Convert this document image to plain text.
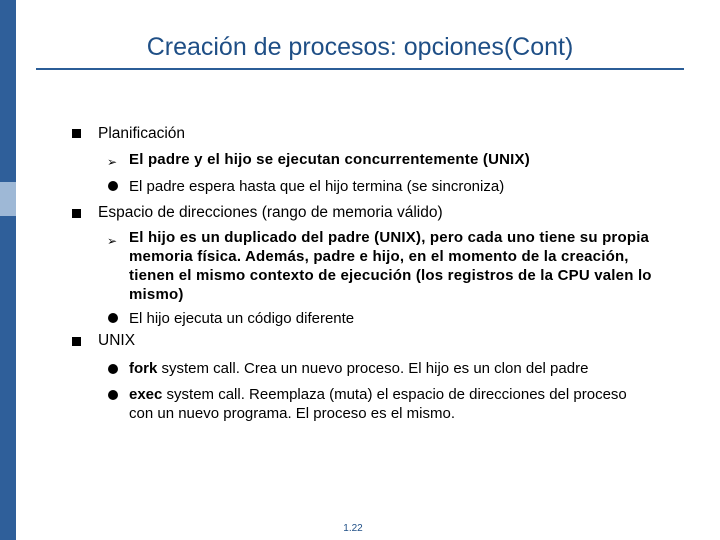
Creación de procesos: opciones(Cont)
Planificación
➢ El padre y el hijo se ejecutan concurrentemente (UNIX)
El padre espera hasta que el hijo termina (se sincroniza)
Espacio de direcciones (rango de memoria válido)
➢ El hijo es un duplicado del padre (UNIX), pero cada uno tiene su propia
memoria física. Además, padre e hijo, en el momento de la creación,
tienen el mismo contexto de ejecución (los registros de la CPU valen lo
mismo)
El hijo ejecuta un código diferente
UNIX
fork system call. Crea un nuevo proceso. El hijo es un clon del padre
exec system call. Reemplaza (muta) el espacio de direcciones del proceso
con un nuevo programa. El proceso es el mismo.
1.22
